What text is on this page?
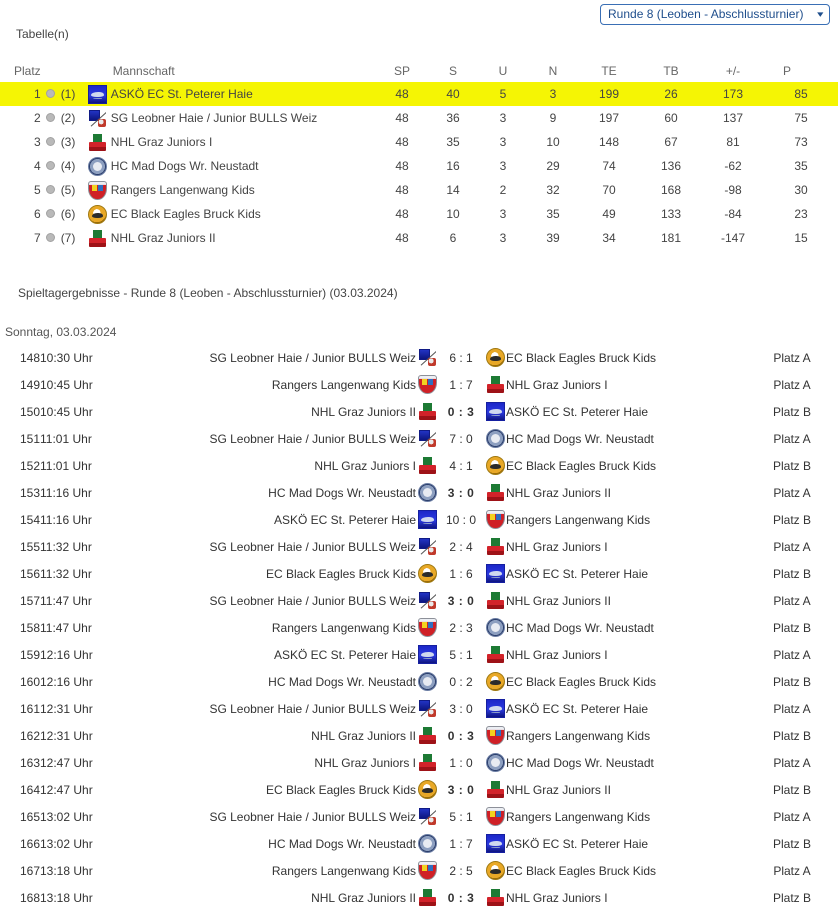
Runde 8 (Leoben - Abschlussturnier) ▾
Tabelle(n)
Spieltagergebnisse - Runde 8 (Leoben - Abschlussturnier) (03.03.2024)
Sonntag, 03.03.2024
Platz				Mannschaft	SP	S	U	N	TE	TB	+/-	P
1		(1)		ASKÖ EC St. Peterer Haie	48	40	5	3	199	26	173	85
2		(2)		SG Leobner Haie / Junior BULLS Weiz	48	36	3	9	197	60	137	75
3		(3)		NHL Graz Juniors I	48	35	3	10	148	67	81	73
4		(4)		HC Mad Dogs Wr. Neustadt	48	16	3	29	74	136	-62	35
5		(5)		Rangers Langenwang Kids	48	14	2	32	70	168	-98	30
6		(6)		EC Black Eagles Bruck Kids	48	10	3	35	49	133	-84	23
7		(7)		NHL Graz Juniors II	48	6	3	39	34	181	-147	15
148	10:30 Uhr	SG Leobner Haie / Junior BULLS Weiz		6 : 1		EC Black Eagles Bruck Kids	Platz A
149	10:45 Uhr	Rangers Langenwang Kids		1 : 7		NHL Graz Juniors I	Platz A
150	10:45 Uhr	NHL Graz Juniors II		0 : 3		ASKÖ EC St. Peterer Haie	Platz B
151	11:01 Uhr	SG Leobner Haie / Junior BULLS Weiz		7 : 0		HC Mad Dogs Wr. Neustadt	Platz A
152	11:01 Uhr	NHL Graz Juniors I		4 : 1		EC Black Eagles Bruck Kids	Platz B
153	11:16 Uhr	HC Mad Dogs Wr. Neustadt		3 : 0		NHL Graz Juniors II	Platz A
154	11:16 Uhr	ASKÖ EC St. Peterer Haie		10 : 0		Rangers Langenwang Kids	Platz B
155	11:32 Uhr	SG Leobner Haie / Junior BULLS Weiz		2 : 4		NHL Graz Juniors I	Platz A
156	11:32 Uhr	EC Black Eagles Bruck Kids		1 : 6		ASKÖ EC St. Peterer Haie	Platz B
157	11:47 Uhr	SG Leobner Haie / Junior BULLS Weiz		3 : 0		NHL Graz Juniors II	Platz A
158	11:47 Uhr	Rangers Langenwang Kids		2 : 3		HC Mad Dogs Wr. Neustadt	Platz B
159	12:16 Uhr	ASKÖ EC St. Peterer Haie		5 : 1		NHL Graz Juniors I	Platz A
160	12:16 Uhr	HC Mad Dogs Wr. Neustadt		0 : 2		EC Black Eagles Bruck Kids	Platz B
161	12:31 Uhr	SG Leobner Haie / Junior BULLS Weiz		3 : 0		ASKÖ EC St. Peterer Haie	Platz A
162	12:31 Uhr	NHL Graz Juniors II		0 : 3		Rangers Langenwang Kids	Platz B
163	12:47 Uhr	NHL Graz Juniors I		1 : 0		HC Mad Dogs Wr. Neustadt	Platz A
164	12:47 Uhr	EC Black Eagles Bruck Kids		3 : 0		NHL Graz Juniors II	Platz B
165	13:02 Uhr	SG Leobner Haie / Junior BULLS Weiz		5 : 1		Rangers Langenwang Kids	Platz A
166	13:02 Uhr	HC Mad Dogs Wr. Neustadt		1 : 7		ASKÖ EC St. Peterer Haie	Platz B
167	13:18 Uhr	Rangers Langenwang Kids		2 : 5		EC Black Eagles Bruck Kids	Platz A
168	13:18 Uhr	NHL Graz Juniors II		0 : 3		NHL Graz Juniors I	Platz B
